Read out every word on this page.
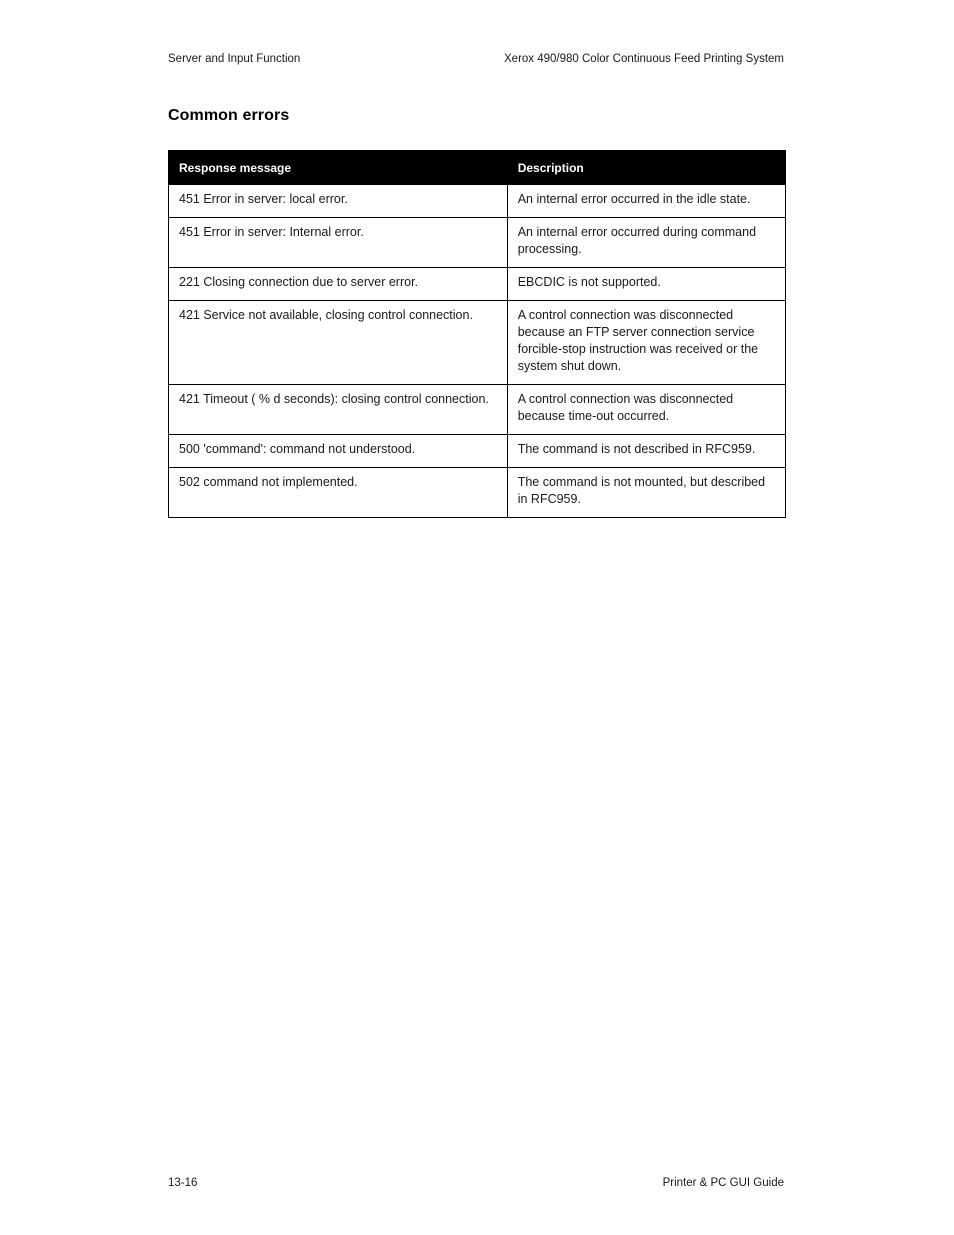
Server and Input Function	Xerox 490/980 Color Continuous Feed Printing System
Common errors
Response message	Description
451 Error in server: local error.	An internal error occurred in the idle state.
451 Error in server: Internal error.	An internal error occurred during command processing.
221 Closing connection due to server error.	EBCDIC is not supported.
421 Service not available, closing control connection.	A control connection was disconnected because an FTP server connection service forcible-stop instruction was received or the system shut down.
421 Timeout ( % d seconds): closing control connection.	A control connection was disconnected because time-out occurred.
500 'command': command not understood.	The command is not described in RFC959.
502 command not implemented.	The command is not mounted, but described in RFC959.
13-16	Printer & PC GUI Guide
